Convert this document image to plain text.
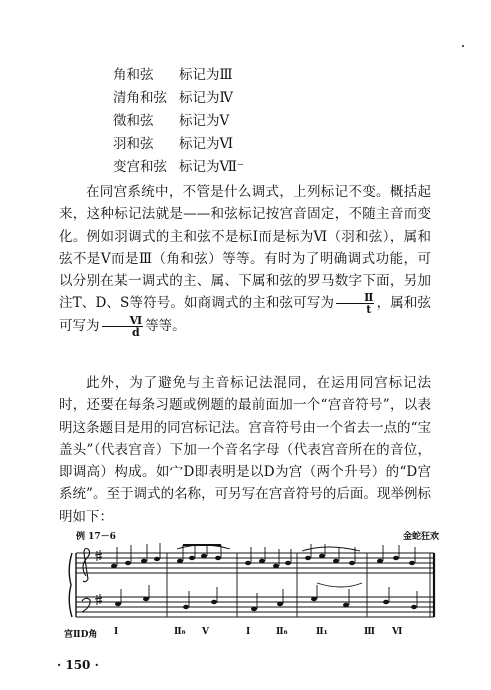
角和弦 标记为Ⅲ
清角和弦 标记为Ⅳ
徵和弦 标记为Ⅴ
羽和弦 标记为Ⅵ
变宫和弦 标记为Ⅶ⁻
在同宫系统中，不管是什么调式，上列标记不变。概括起来，这种标记法就是——和弦标记按宫音固定，不随主音而变化。例如羽调式的主和弦不是标Ⅰ而是标为Ⅵ（羽和弦），属和弦不是Ⅴ而是Ⅲ（角和弦）等等。有时为了明确调式功能，可以分别在某一调式的主、属、下属和弦的罗马数字下面，另加注T、D、S等符号。如商调式的主和弦可写为 $\frac{\text{Ⅱ}}{t}$ ，属和弦可写为 $\frac{\text{Ⅵ}}{d}$ 等等。
此外，为了避免与主音标记法混同，在运用同宫标记法时，还要在每条习题或例题的最前面加一个“宫音符号”，以表明这条题目是用的同宫标记法。宫音符号由一个省去一点的“宝盖头”（代表宫音）下加一个音名字母（代表宫音所在的音位，即调高）构成。如宀D即表明是以D为宫（两个升号）的“D宫系统”。至于调式的名称，可另写在宫音符号的后面。现举例标明如下：
例 17－6	金蛇狂欢
宫ⅡD角 Ⅰ	Ⅱ₆ Ⅴ	Ⅰ	Ⅱ₆	Ⅱ₁	Ⅲ Ⅵ
· 150 ·
